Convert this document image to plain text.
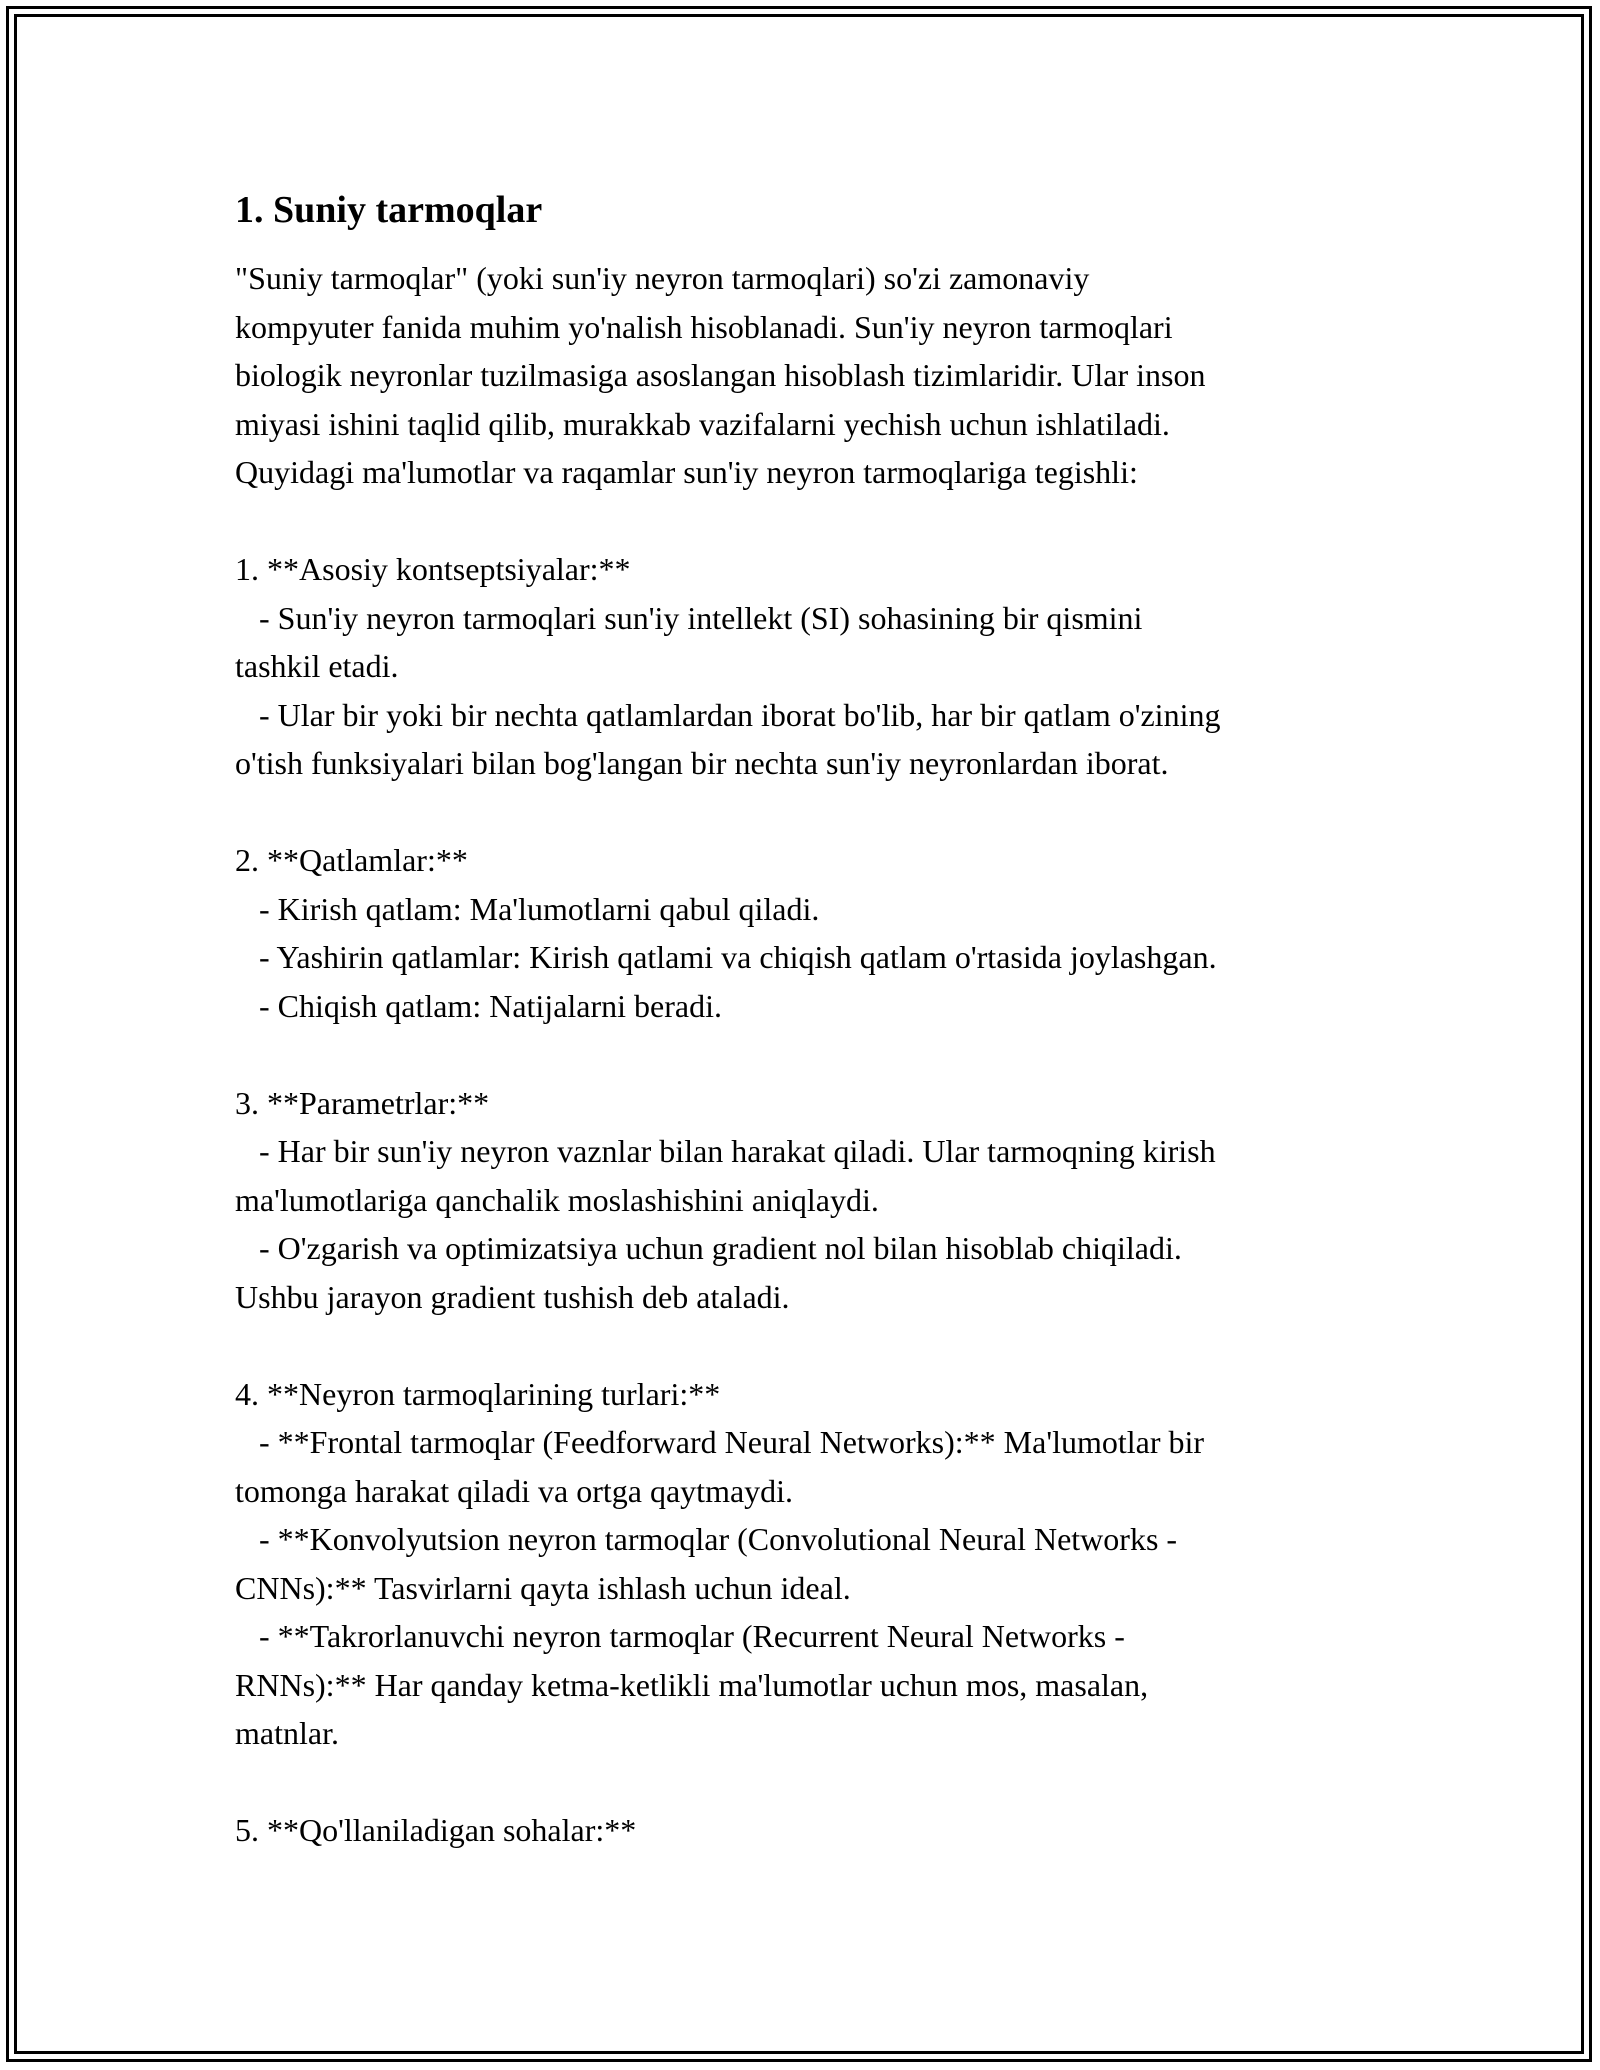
1. Suniy tarmoqlar

"Suniy tarmoqlar" (yoki sun'iy neyron tarmoqlari) so'zi zamonaviy
kompyuter fanida muhim yo'nalish hisoblanadi. Sun'iy neyron tarmoqlari
biologik neyronlar tuzilmasiga asoslangan hisoblash tizimlaridir. Ular inson
miyasi ishini taqlid qilib, murakkab vazifalarni yechish uchun ishlatiladi.
Quyidagi ma'lumotlar va raqamlar sun'iy neyron tarmoqlariga tegishli:

1. **Asosiy kontseptsiyalar:**
- Sun'iy neyron tarmoqlari sun'iy intellekt (SI) sohasining bir qismini
tashkil etadi.
- Ular bir yoki bir nechta qatlamlardan iborat bo'lib, har bir qatlam o'zining
o'tish funksiyalari bilan bog'langan bir nechta sun'iy neyronlardan iborat.

2. **Qatlamlar:**
- Kirish qatlam: Ma'lumotlarni qabul qiladi.
- Yashirin qatlamlar: Kirish qatlami va chiqish qatlam o'rtasida joylashgan.
- Chiqish qatlam: Natijalarni beradi.

3. **Parametrlar:**
- Har bir sun'iy neyron vaznlar bilan harakat qiladi. Ular tarmoqning kirish
ma'lumotlariga qanchalik moslashishini aniqlaydi.
- O'zgarish va optimizatsiya uchun gradient nol bilan hisoblab chiqiladi.
Ushbu jarayon gradient tushish deb ataladi.

4. **Neyron tarmoqlarining turlari:**
- **Frontal tarmoqlar (Feedforward Neural Networks):** Ma'lumotlar bir
tomonga harakat qiladi va ortga qaytmaydi.
- **Konvolyutsion neyron tarmoqlar (Convolutional Neural Networks -
CNNs):** Tasvirlarni qayta ishlash uchun ideal.
- **Takrorlanuvchi neyron tarmoqlar (Recurrent Neural Networks -
RNNs):** Har qanday ketma-ketlikli ma'lumotlar uchun mos, masalan,
matnlar.

5. **Qo'llaniladigan sohalar:**
